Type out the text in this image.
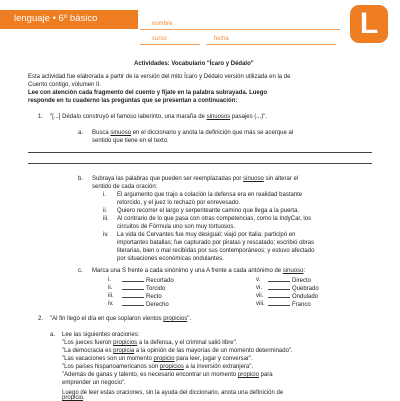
lenguaje • 6º básico	nombre
curso	fecha	L
Actividades: Vocabulario "Ícaro y Dédalo"
Esta actividad fue elaborada a partir de la versión del mito Ícaro y Dédalo versión utilizada en la de
Cuento contigo, volumen II.
Lee con atención cada fragmento del cuento y fíjate en la palabra subrayada. Luego
responde en tu cuaderno las preguntas que se presentan a continuación:
1. "[...] Dédalo construyó el famoso laberinto, una maraña de sinuosos pasajes (...)".
a. Busca sinuoso en el diccionario y anota la definición que más se acerque al
sentido que tiene en el texto.
b. Subraya las palabras que pueden ser reemplazadas por sinuoso sin alterar el
sentido de cada oración:
i. El argumento que trajo a colación la defensa era en realidad bastante
retorcido, y el juez lo rechazó por enrevesado.
ii. Quiero recorrer el largo y serpenteante camino que llega a la puerta.
iii. Al contrario de lo que pasa con otras competencias, como la IndyCar, los
circuitos de Fórmula uno son muy tortuosos.
iv. La vida de Cervantes fue muy desigual: viajó por Italia; participó en
importantes batallas; fue capturado por piratas y rescatado; escribió obras
literarias, bien o mal recibidas por sus contemporáneos; y estuvo afectado
por situaciones económicas ondulantes.
c. Marca una S frente a cada sinónimo y una A frente a cada antónimo de sinuoso:
i.	Recortado
ii.	Torcido
iii.	Recto
iv.	Derecho
v.	Directo
vi.	Quebrado
vii.	Ondulado
viii.	Franco
2. "Al fin llegó el día en que soplaron vientos propicios".
a. Lee las siguientes oraciones:
"Los jueces fueron propicios a la defensa, y el criminal salió libre".
"La democracia es propicia a la opinión de las mayorías de un momento determinado".
"Las vacaciones son un momento propicio para leer, jugar y conversar".
"Los países hispanoamericanos son propicios a la inversión extranjera".
"Además de ganas y talento, es necesario encontrar un momento propicio para
emprender un negocio".
Luego de leer estas oraciones, sin la ayuda del diccionario, anota una definición de
propicio.
